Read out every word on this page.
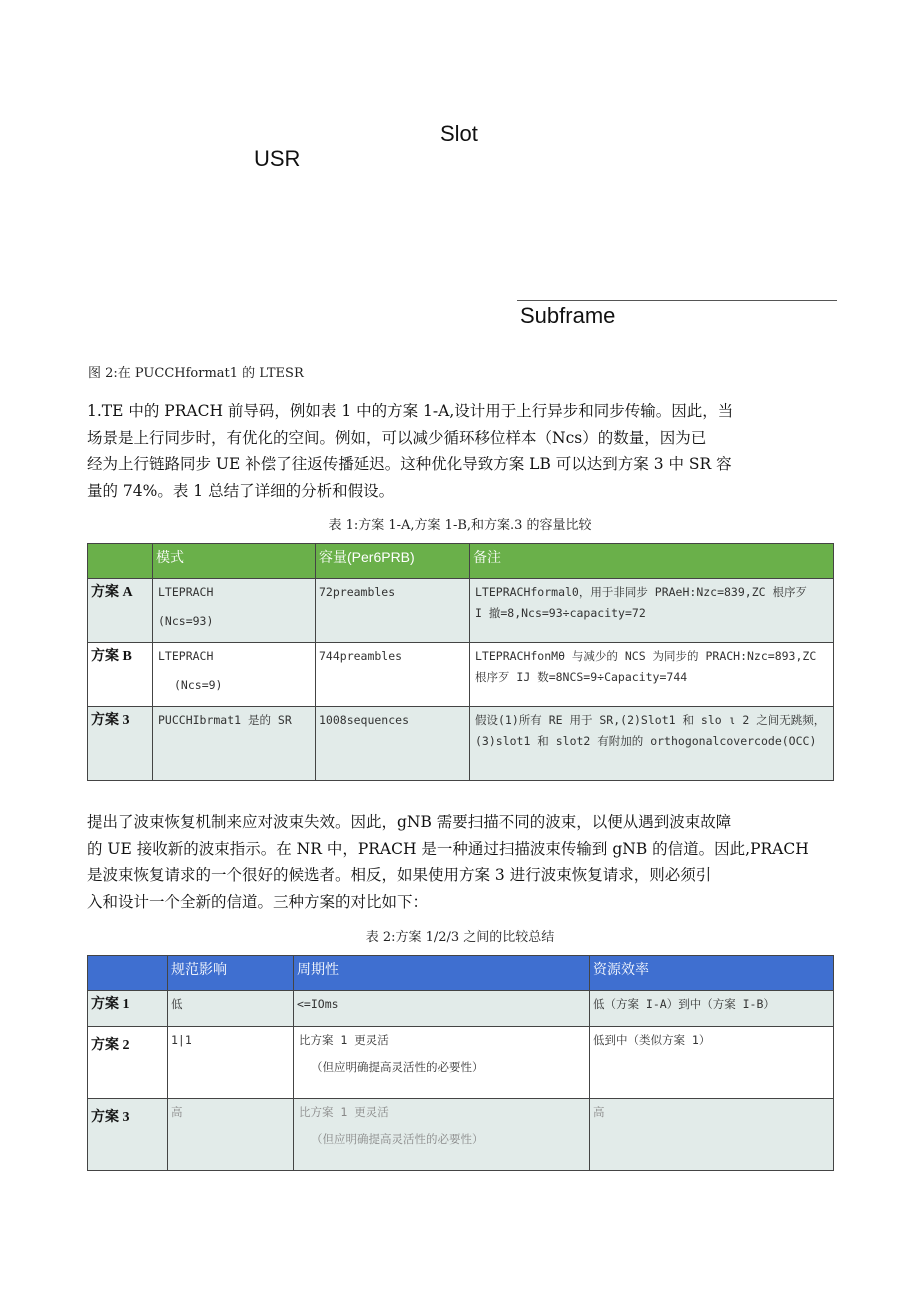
Slot
USR
Subframe
图 2:在 PUCCHformat1 的 LTESR
1.TE 中的 PRACH 前导码，例如表 1 中的方案 1-A,设计用于上行异步和同步传输。因此，当
场景是上行同步时，有优化的空间。例如，可以减少循环移位样本（Ncs）的数量，因为已
经为上行链路同步 UE 补偿了往返传播延迟。这种优化导致方案 LB 可以达到方案 3 中 SR 容
量的 74%。表 1 总结了详细的分析和假设。
表 1:方案 1-A,方案 1-B,和方案.3 的容量比较
	模式	容量(Per6PRB)	备注
方案 A	LTEPRACH
(Ncs=93)	72preambles	LTEPRACHformal0，用于非同步 PRAeH:Nzc=839,ZC 根序歹
I 撤=8,Ncs=93÷capacity=72

方案 B	LTEPRACH
(Ncs=9)	744preambles	LTEPRACHfonMθ 与减少的 NCS 为同步的 PRACH:Nzc=893,ZC
根序歹 IJ 数=8NCS=9÷Capacity=744

方案 3	PUCCHIbrmat1 是的 SR	1008sequences	假设(1)所有 RE 用于 SR,(2)Slot1 和 slo ι 2 之间无跳频，
(3)slot1 和 slot2 有附加的 orthogonalcovercode(OCC)
提出了波束恢复机制来应对波束失效。因此，gNB 需要扫描不同的波束，以便从遇到波束故障
的 UE 接收新的波束指示。在 NR 中，PRACH 是一种通过扫描波束传输到 gNB 的信道。因此,PRACH
是波束恢复请求的一个很好的候选者。相反，如果使用方案 3 进行波束恢复请求，则必须引
入和设计一个全新的信道。三种方案的对比如下：
表 2:方案 1/2/3 之间的比较总结
	规范影响	周期性	资源效率
方案 1	低	<=IOms	低（方案 I-A）到中（方案 I-B）
方案 2	1|1	比方案 1 更灵活
（但应明确提高灵活性的必要性）	低到中（类似方案 1）
方案 3	高	比方案 1 更灵活
（但应明确提高灵活性的必要性）	高
